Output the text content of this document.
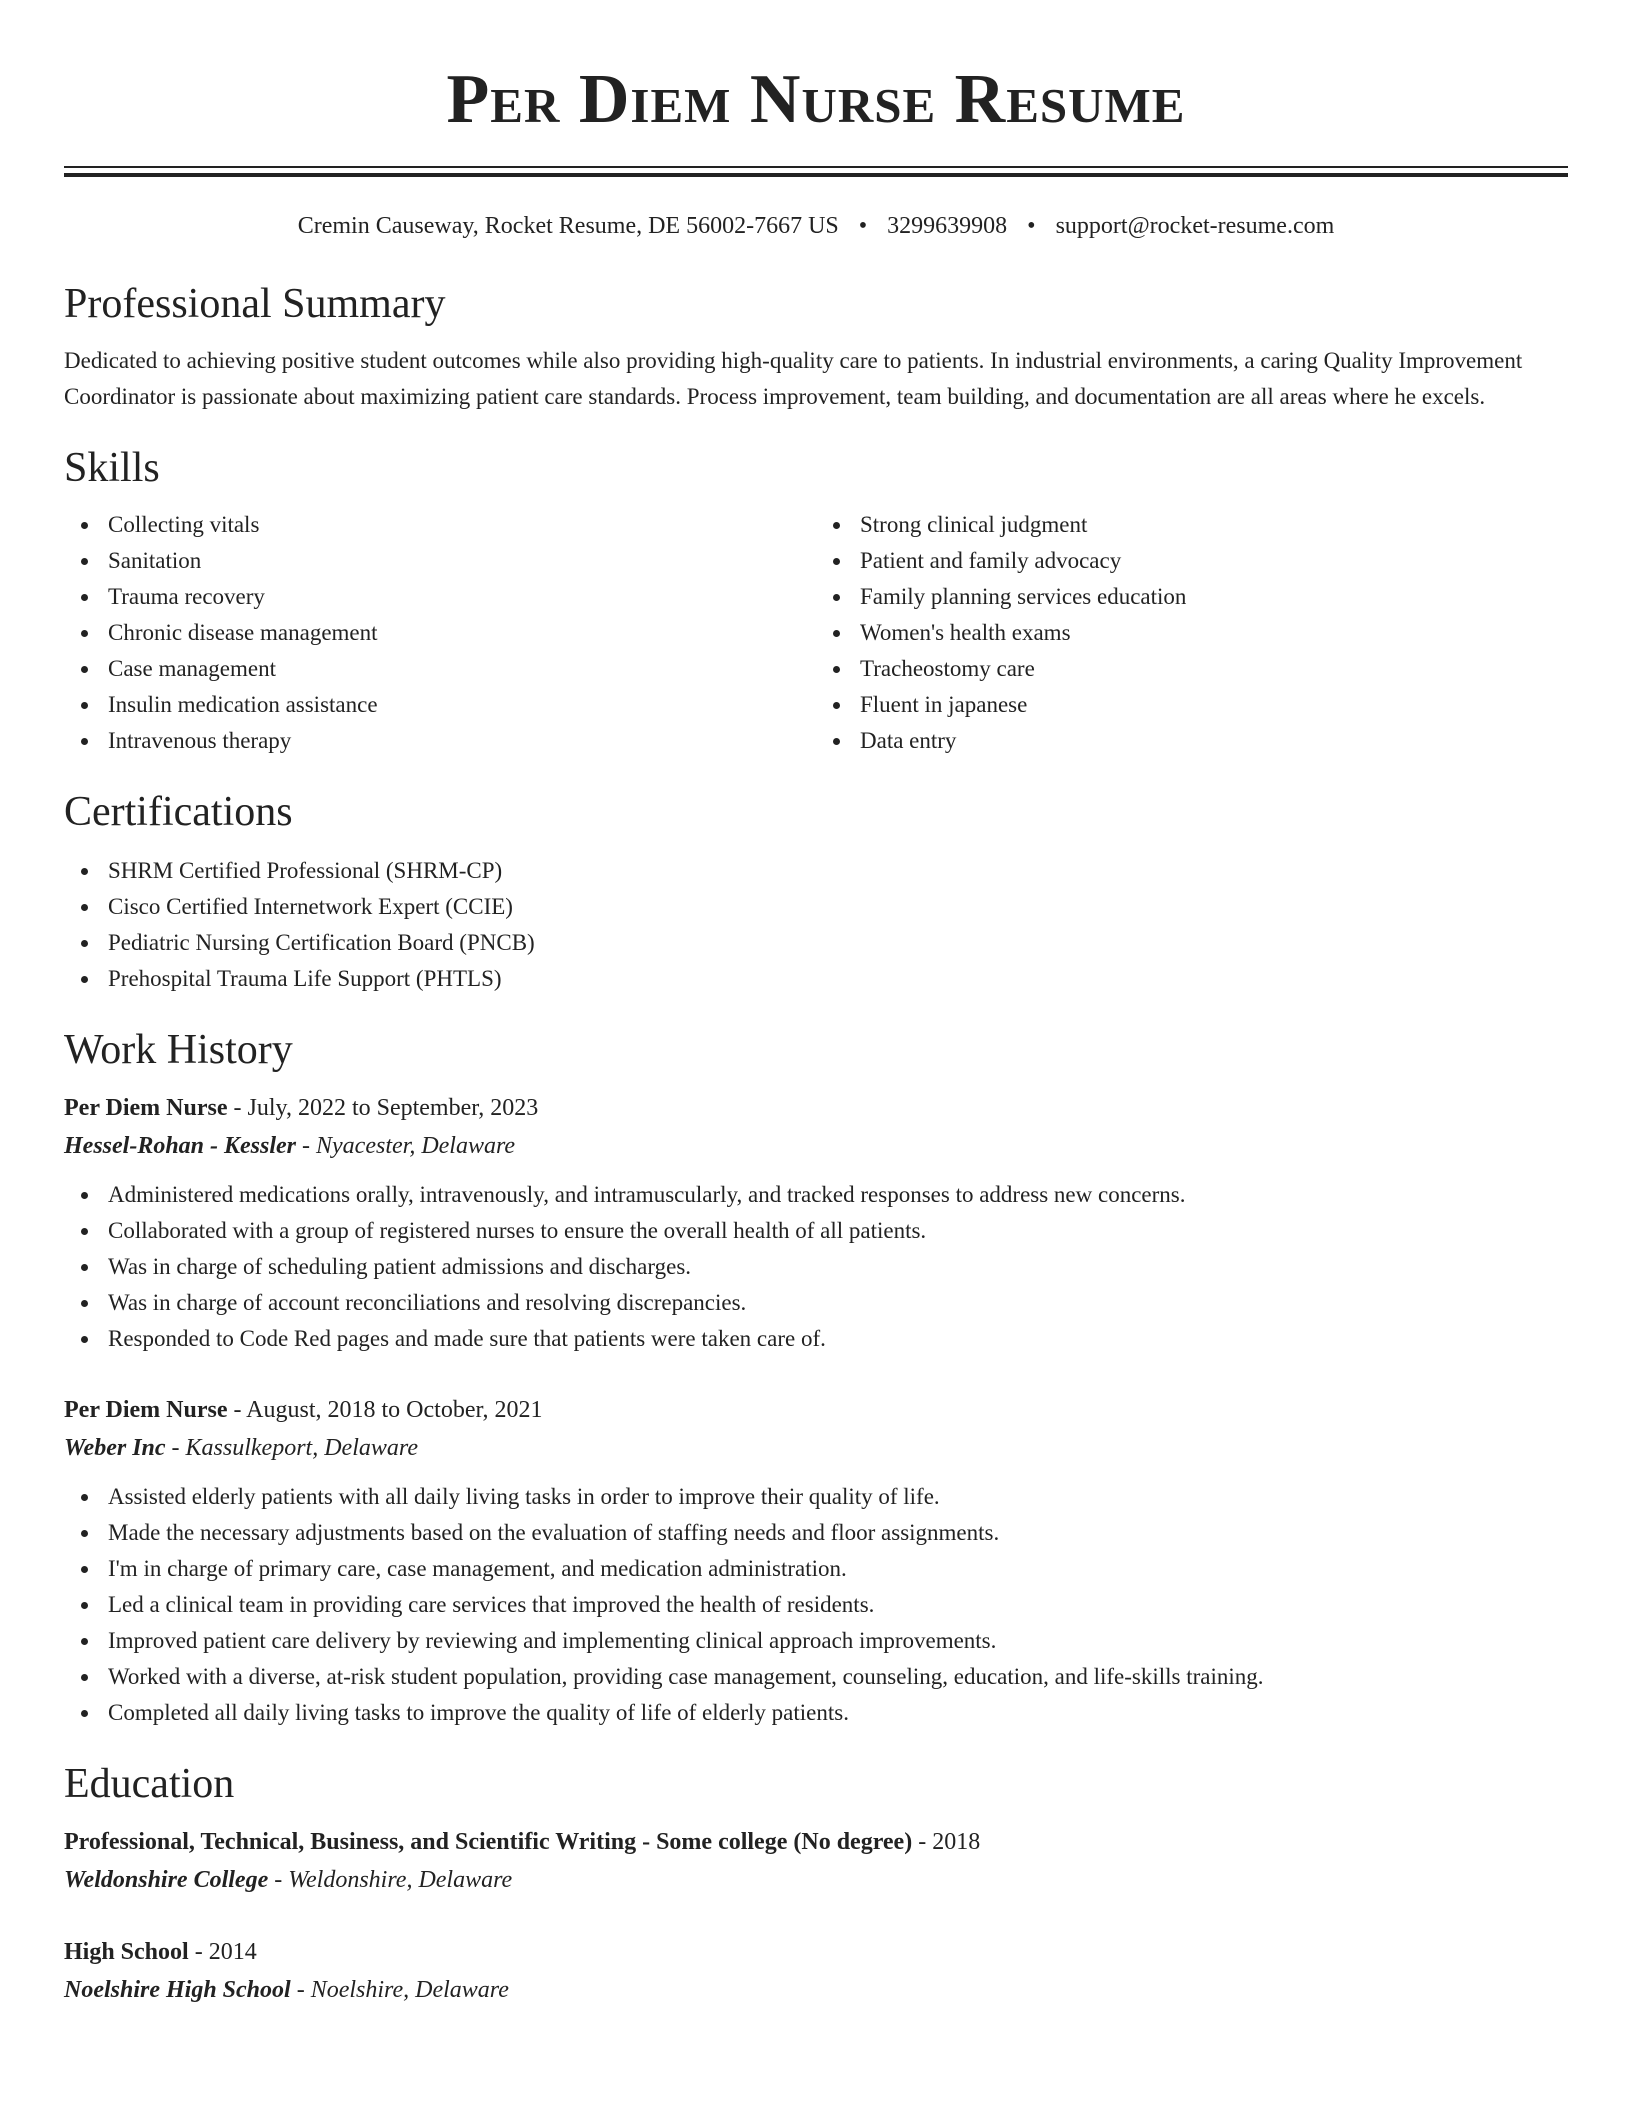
Per Diem Nurse Resume
Cremin Causeway, Rocket Resume, DE 56002-7667 US • 3299639908 • support@rocket-resume.com
Professional Summary

Dedicated to achieving positive student outcomes while also providing high-quality care to patients. In industrial environments, a caring Quality Improvement Coordinator is passionate about maximizing patient care standards. Process improvement, team building, and documentation are all areas where he excels.

Skills
Collecting vitals
Sanitation
Trauma recovery
Chronic disease management
Case management
Insulin medication assistance
Intravenous therapy
Strong clinical judgment
Patient and family advocacy
Family planning services education
Women's health exams
Tracheostomy care
Fluent in japanese
Data entry
Certifications
SHRM Certified Professional (SHRM-CP)
Cisco Certified Internetwork Expert (CCIE)
Pediatric Nursing Certification Board (PNCB)
Prehospital Trauma Life Support (PHTLS)
Work History
Per Diem Nurse - July, 2022 to September, 2023
Hessel-Rohan - Kessler - Nyacester, Delaware
Administered medications orally, intravenously, and intramuscularly, and tracked responses to address new concerns.
Collaborated with a group of registered nurses to ensure the overall health of all patients.
Was in charge of scheduling patient admissions and discharges.
Was in charge of account reconciliations and resolving discrepancies.
Responded to Code Red pages and made sure that patients were taken care of.
Per Diem Nurse - August, 2018 to October, 2021
Weber Inc - Kassulkeport, Delaware
Assisted elderly patients with all daily living tasks in order to improve their quality of life.
Made the necessary adjustments based on the evaluation of staffing needs and floor assignments.
I'm in charge of primary care, case management, and medication administration.
Led a clinical team in providing care services that improved the health of residents.
Improved patient care delivery by reviewing and implementing clinical approach improvements.
Worked with a diverse, at-risk student population, providing case management, counseling, education, and life-skills training.
Completed all daily living tasks to improve the quality of life of elderly patients.
Education
Professional, Technical, Business, and Scientific Writing - Some college (No degree) - 2018
Weldonshire College - Weldonshire, Delaware
High School - 2014
Noelshire High School - Noelshire, Delaware
